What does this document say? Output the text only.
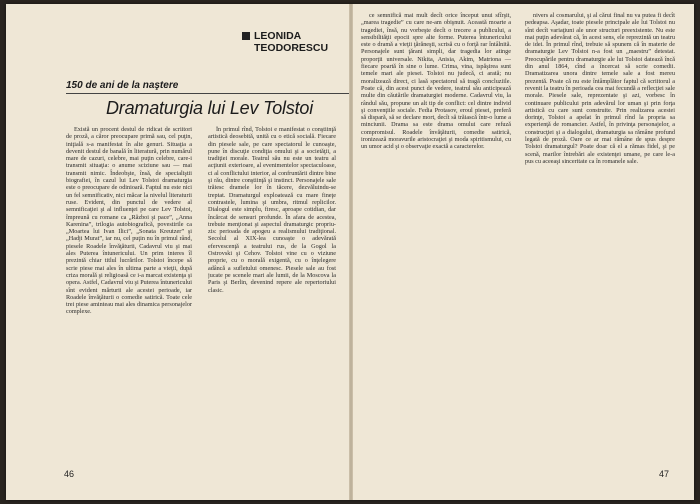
LEONIDA TEODORESCU
150 de ani de la naştere
Dramaturgia lui Lev Tolstoi

Există un procent destul de ridicat de scriitori de proză, a căror preocupare primă sau, cel puţin, iniţială s-a manifestat în alte genuri. Situaţia a devenit destul de banală în literatură, prin numărul mare de cazuri, celebre, mai puţin celebre, care-i transmit situaţia: o anume sciziune sau — mai transmit nimic. Îndeobşte, însă, de specialiştii biografiei, în cazul lui Lev Tolstoi dramaturgia este o preocupare de odinioară. Faptul nu este nici un fel semnificativ, nici măcar la nivelul literaturii ruse. Evident, din punctul de vedere al semnificaţiei şi al influenţei pe care Lev Tolstoi, împreună cu romane ca „Război şi pace”, „Anna Karenina”, trilogia autobiografică, povestirile ca „Moartea lui Ivan Ilici”, „Sonata Kreutzer” şi „Hadji Murat”, iar nu, cel puţin nu în primul rând, piesele Roadele învăţăturii, Cadavrul viu şi mai ales Puterea întunericului. Un prim interes îl prezintă chiar titlul lucrărilor. Tolstoi începe să scrie piese mai ales în ultima parte a vieţii, după criza morală şi religioasă ce i-a marcat existenţa şi opera. Astfel, Cadavrul viu şi Puterea întunericului sînt evident mărturii ale acestei perioade, iar Roadele învăţăturii o comedie satirică. Toate cele trei piese aminteau mai ales dinamica personajelor complexe.

În primul rînd, Tolstoi e manifestat o conştiinţă artistică deosebită, unită cu o etică socială. Fiecare din piesele sale, pe care spectatorul le cunoaşte, pune în discuţie condiţia omului şi a societăţii, a tradiţiei morale. Teatrul său nu este un teatru al acţiunii exterioare, al evenimentelor spectaculoase, ci al conflictului interior, al confruntării dintre bine şi rău, dintre conştiinţă şi instinct. Personajele sale trăiesc dramele lor în tăcere, dezvăluindu-se treptat. Dramaturgul exploatează cu mare fineţe contrastele, lumina şi umbra, ritmul replicilor. Dialogul este simplu, firesc, aproape cotidian, dar încărcat de sensuri profunde. În afara de acestea, trebuie menţionat şi aspectul dramaturgic propriu-zis: perioada de apogeu a realismului tradiţional. Secolul al XIX-lea cunoaşte o adevărată efervescenţă a teatrului rus, de la Gogol la Ostrovski şi Cehov. Tolstoi vine cu o viziune proprie, cu o morală exigentă, cu o înţelegere adâncă a sufletului omenesc. Piesele sale au fost jucate pe scenele mari ale lumii, de la Moscova la Paris şi Berlin, devenind repere ale repertoriului clasic.

46

ce semnifică mai mult decît orice început unui sfîrşit, „marea tragedie” cu care ne-am obişnuit. Această moarte a tragediei, însă, nu vorbeşte decît o trecere a publicului, a sensibilităţii epocii spre alte forme. Puterea întunericului este o dramă a vieţii ţărăneşti, scrisă cu o forţă rar întâlnită. Personajele sunt ţărani simpli, dar tragedia lor atinge proporţii universale. Nikita, Anisia, Akim, Matriona — fiecare poartă în sine o lume. Crima, vina, ispăşirea sunt temele mari ale piesei. Tolstoi nu judecă, ci arată; nu moralizează direct, ci lasă spectatorul să tragă concluziile. Poate că, din acest punct de vedere, teatrul său anticipează multe din căutările dramaturgiei moderne. Cadavrul viu, la rândul său, propune un alt tip de conflict: cel dintre individ şi convenţiile sociale. Fedia Protasov, eroul piesei, preferă să dispară, să se declare mort, decît să trăiască într-o lume a minciunii. Drama sa este drama omului care refuză compromisul. Roadele învăţăturii, comedie satirică, ironizează moravurile aristocraţiei şi moda spiritismului, cu un umor acid şi o observaţie exactă a caracterelor.

nivers al cosmarului, şi al cărui final nu va putea fi decît pedeapsa. Aşadar, toate piesele principale ale lui Tolstoi nu sînt decît variaţiuni ale unor structuri preexistente. Nu este mai puţin adevărat că, în acest sens, ele reprezintă un teatru de idei. În primul rînd, trebuie să spunem că în materie de dramaturgie Lev Tolstoi n-a fost un „maestru” detestat. Preocupările pentru dramaturgie ale lui Tolstoi datează încă din anul 1864, cînd a încercat să scrie comedii. Dramatizarea unora dintre temele sale a fost mereu prezentă. Poate că nu este întâmplător faptul că scriitorul a revenit la teatru în perioada cea mai fecundă a reflecţiei sale morale. Piesele sale, reprezentate şi azi, vorbesc în continuare publicului prin adevărul lor uman şi prin forţa artistică cu care sunt construite. Prin realizarea acestei dorinţe, Tolstoi a apelat în primul rînd la propria sa experienţă de romancier. Astfel, în privinţa personajelor, a construcţiei şi a dialogului, dramaturgia sa rămâne profund legată de proză. Oare ce ar mai rămâne de spus despre Tolstoi dramaturgul? Poate doar că el a rămas fidel, şi pe scenă, marilor întrebări ale existenţei umane, pe care le-a pus cu aceeaşi sinceritate ca în romanele sale.

47
